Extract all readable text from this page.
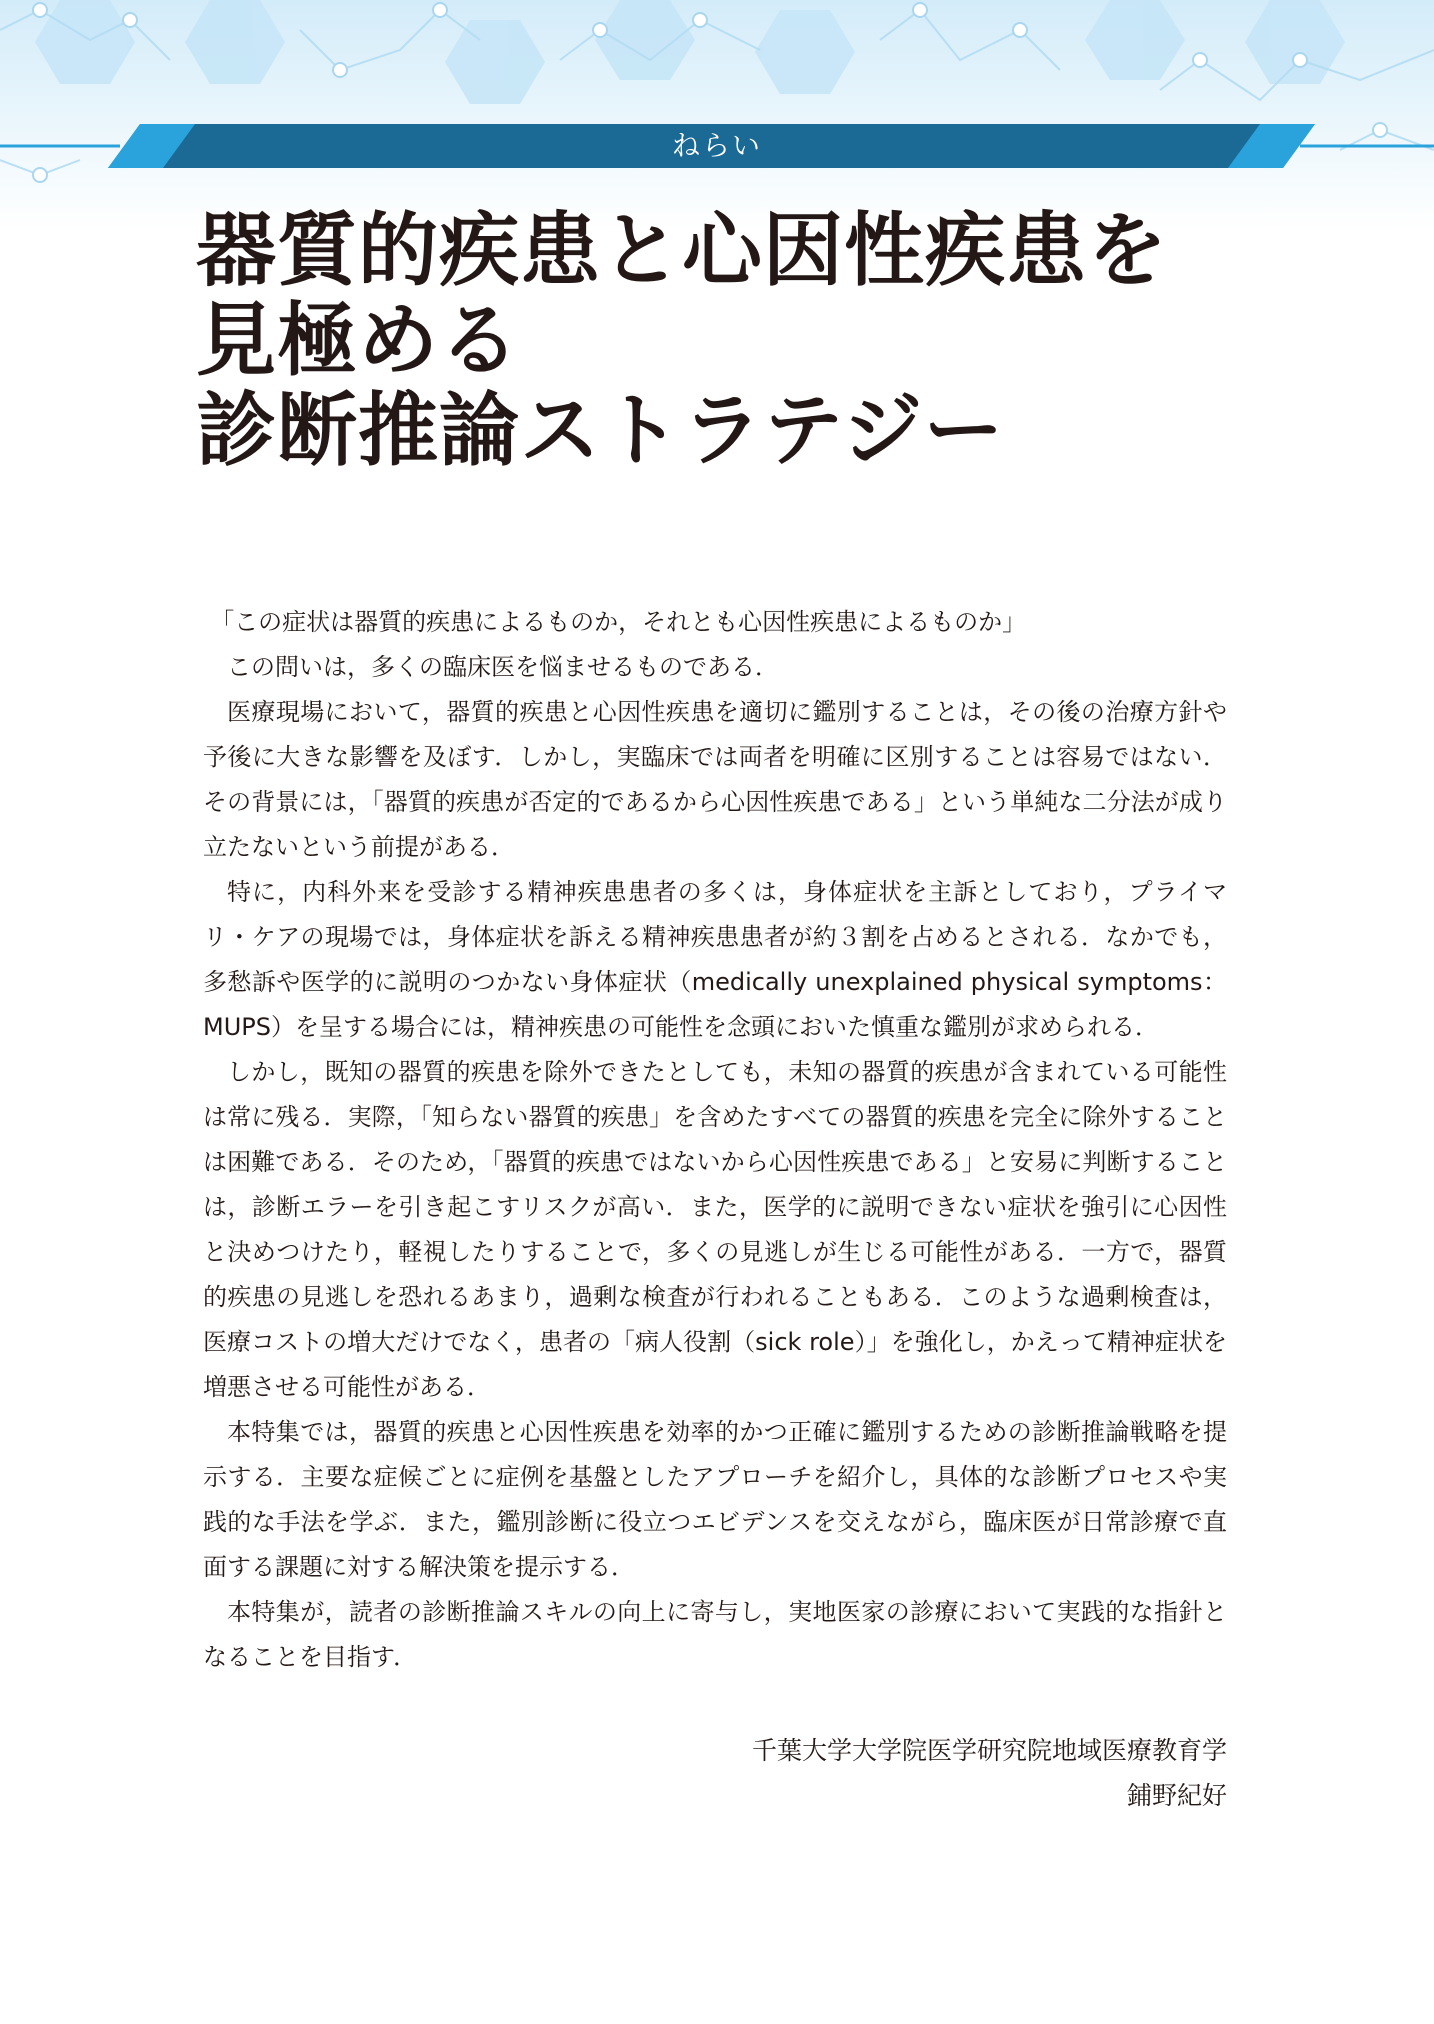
ねらい
器質的疾患と心因性疾患を
見極める
診断推論ストラテジー

「この症状は器質的疾患によるものか，それとも心因性疾患によるものか」

この問いは，多くの臨床医を悩ませるものである．

医療現場において，器質的疾患と心因性疾患を適切に鑑別することは，その後の治療方針や予後に大きな影響を及ぼす．しかし，実臨床では両者を明確に区別することは容易ではない．その背景には，「器質的疾患が否定的であるから心因性疾患である」という単純な二分法が成り立たないという前提がある．

特に，内科外来を受診する精神疾患患者の多くは，身体症状を主訴としており，プライマリ・ケアの現場では，身体症状を訴える精神疾患患者が約３割を占めるとされる．なかでも，多愁訴や医学的に説明のつかない身体症状（medically unexplained physical symptoms：MUPS）を呈する場合には，精神疾患の可能性を念頭においた慎重な鑑別が求められる．

しかし，既知の器質的疾患を除外できたとしても，未知の器質的疾患が含まれている可能性は常に残る．実際，「知らない器質的疾患」を含めたすべての器質的疾患を完全に除外することは困難である．そのため，「器質的疾患ではないから心因性疾患である」と安易に判断することは，診断エラーを引き起こすリスクが高い．また，医学的に説明できない症状を強引に心因性と決めつけたり，軽視したりすることで，多くの見逃しが生じる可能性がある．一方で，器質的疾患の見逃しを恐れるあまり，過剰な検査が行われることもある．このような過剰検査は，医療コストの増大だけでなく，患者の「病人役割（sick role）」を強化し，かえって精神症状を増悪させる可能性がある．

本特集では，器質的疾患と心因性疾患を効率的かつ正確に鑑別するための診断推論戦略を提示する．主要な症候ごとに症例を基盤としたアプローチを紹介し，具体的な診断プロセスや実践的な手法を学ぶ．また，鑑別診断に役立つエビデンスを交えながら，臨床医が日常診療で直面する課題に対する解決策を提示する．

本特集が，読者の診断推論スキルの向上に寄与し，実地医家の診療において実践的な指針となることを目指す．

千葉大学大学院医学研究院地域医療教育学
鋪野紀好
